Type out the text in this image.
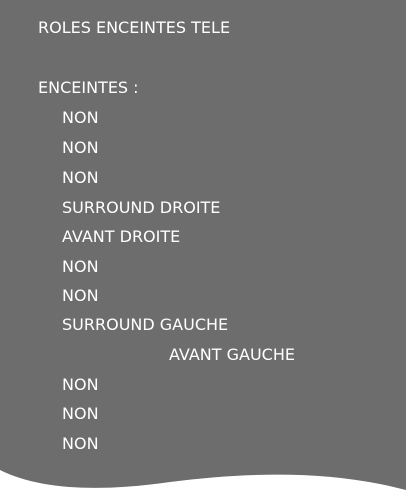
ROLES ENCEINTES TELE
ENCEINTES :
NON
NON
NON
SURROUND DROITE
AVANT DROITE
NON
NON
SURROUND GAUCHE
AVANT GAUCHE
NON
NON
NON
